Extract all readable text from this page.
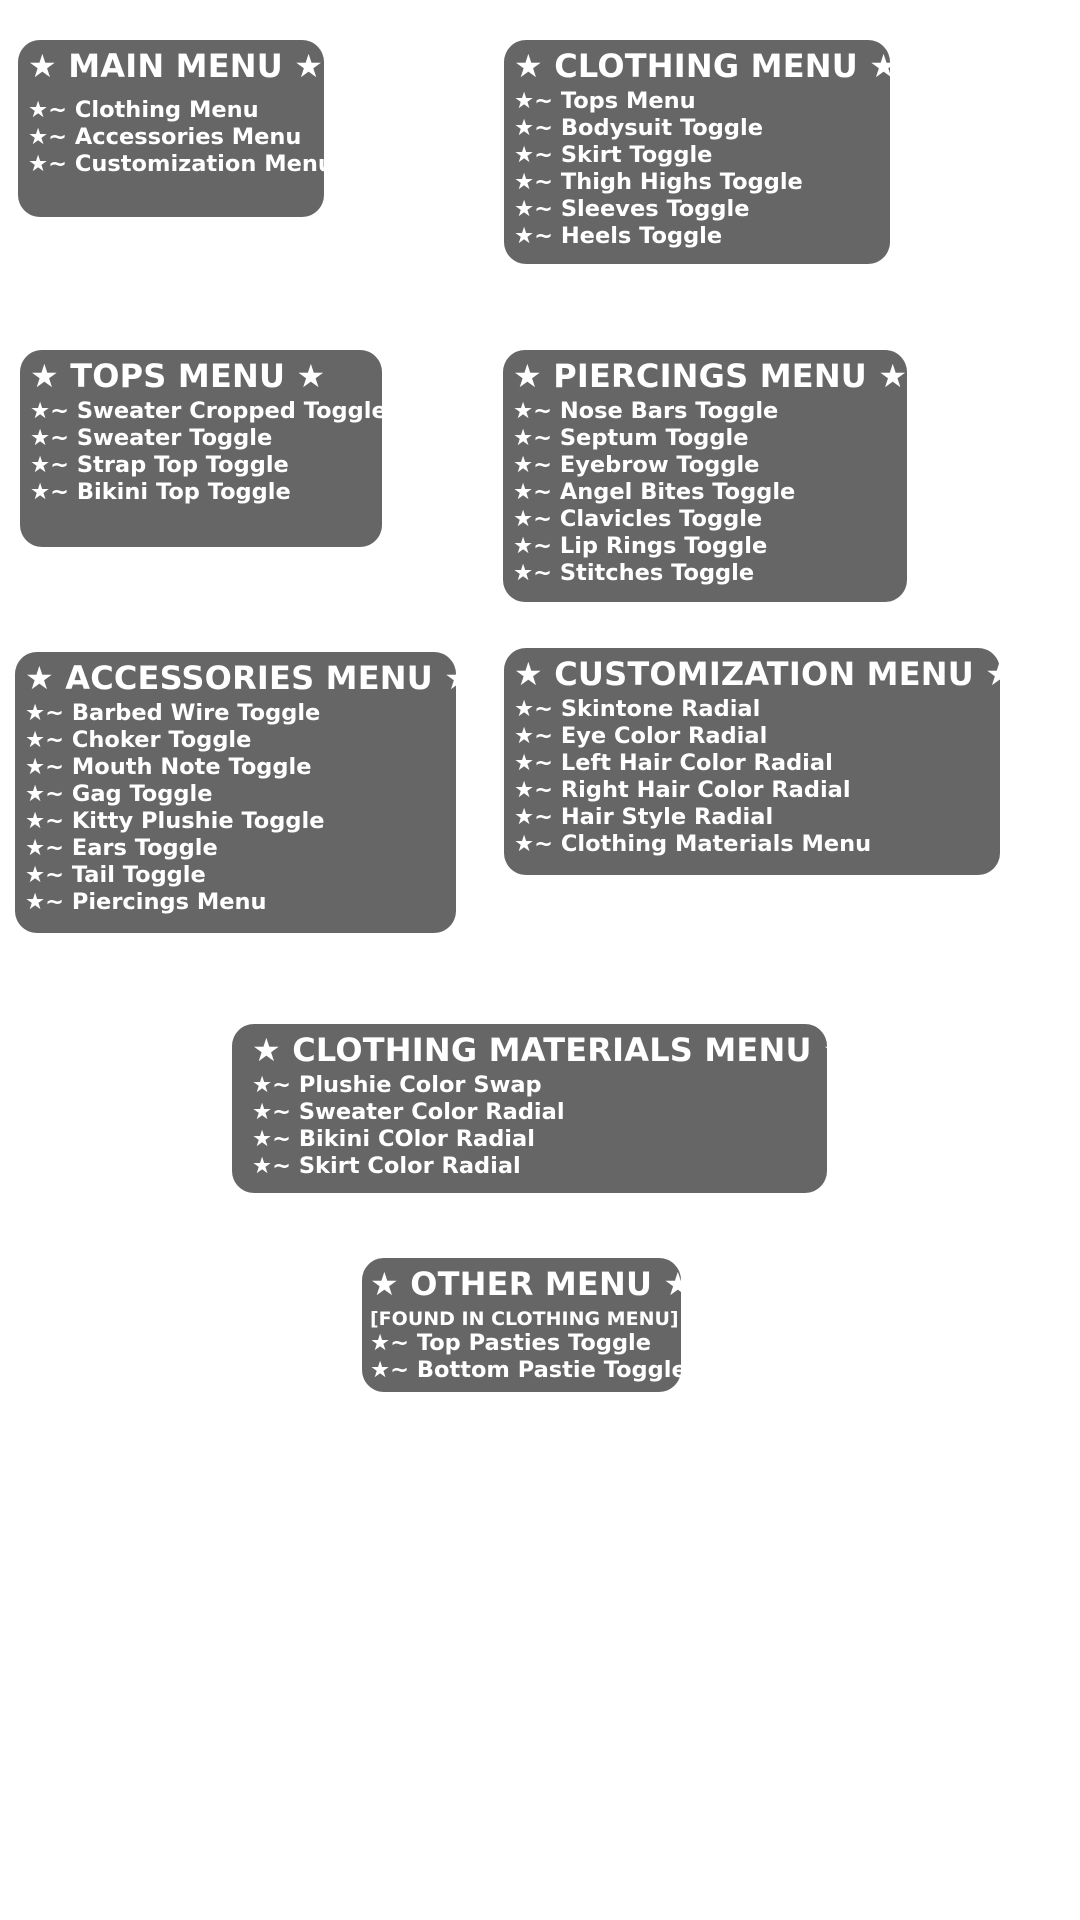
★ MAIN MENU ★
★~ Clothing Menu
★~ Accessories Menu
★~ Customization Menu
★ CLOTHING MENU ★
★~ Tops Menu
★~ Bodysuit Toggle
★~ Skirt Toggle
★~ Thigh Highs Toggle
★~ Sleeves Toggle
★~ Heels Toggle
★ TOPS MENU ★
★~ Sweater Cropped Toggle
★~ Sweater Toggle
★~ Strap Top Toggle
★~ Bikini Top Toggle
★ PIERCINGS MENU ★
★~ Nose Bars Toggle
★~ Septum Toggle
★~ Eyebrow Toggle
★~ Angel Bites Toggle
★~ Clavicles Toggle
★~ Lip Rings Toggle
★~ Stitches Toggle
★ ACCESSORIES MENU ★
★~ Barbed Wire Toggle
★~ Choker Toggle
★~ Mouth Note Toggle
★~ Gag Toggle
★~ Kitty Plushie Toggle
★~ Ears Toggle
★~ Tail Toggle
★~ Piercings Menu
★ CUSTOMIZATION MENU ★
★~ Skintone Radial
★~ Eye Color Radial
★~ Left Hair Color Radial
★~ Right Hair Color Radial
★~ Hair Style Radial
★~ Clothing Materials Menu
★ CLOTHING MATERIALS MENU ★
★~ Plushie Color Swap
★~ Sweater Color Radial
★~ Bikini COlor Radial
★~ Skirt Color Radial
★ OTHER MENU ★
[FOUND IN CLOTHING MENU]
★~ Top Pasties Toggle
★~ Bottom Pastie Toggle
